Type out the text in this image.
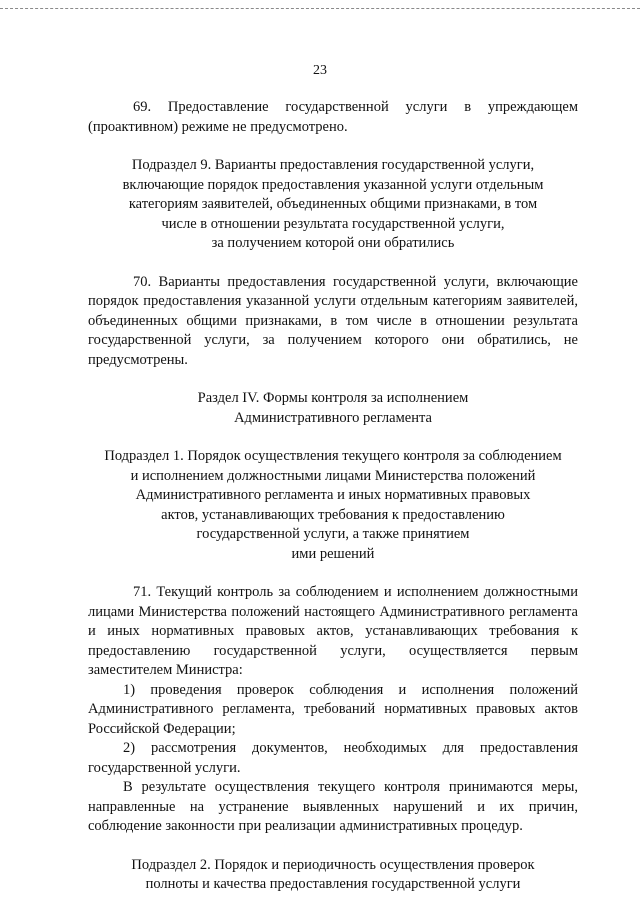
23

69. Предоставление государственной услуги в упреждающем (проактивном) режиме не предусмотрено.

Подраздел 9. Варианты предоставления государственной услуги,
включающие порядок предоставления указанной услуги отдельным
категориям заявителей, объединенных общими признаками, в том
числе в отношении результата государственной услуги,
за получением которой они обратились

70. Варианты предоставления государственной услуги, включающие порядок предоставления указанной услуги отдельным категориям заявителей, объединенных общими признаками, в том числе в отношении результата государственной услуги, за получением которого они обратились, не предусмотрены.

Раздел IV. Формы контроля за исполнением
Административного регламента

Подраздел 1. Порядок осуществления текущего контроля за соблюдением
и исполнением должностными лицами Министерства положений
Административного регламента и иных нормативных правовых
актов, устанавливающих требования к предоставлению
государственной услуги, а также принятием
ими решений

71. Текущий контроль за соблюдением и исполнением должностными лицами Министерства положений настоящего Административного регламента и иных нормативных правовых актов, устанавливающих требования к предоставлению государственной услуги, осуществляется первым заместителем Министра:

1) проведения проверок соблюдения и исполнения положений Административного регламента, требований нормативных правовых актов Российской Федерации;

2) рассмотрения документов, необходимых для предоставления государственной услуги.

В результате осуществления текущего контроля принимаются меры, направленные на устранение выявленных нарушений и их причин, соблюдение законности при реализации административных процедур.

Подраздел 2. Порядок и периодичность осуществления проверок
полноты и качества предоставления государственной услуги
